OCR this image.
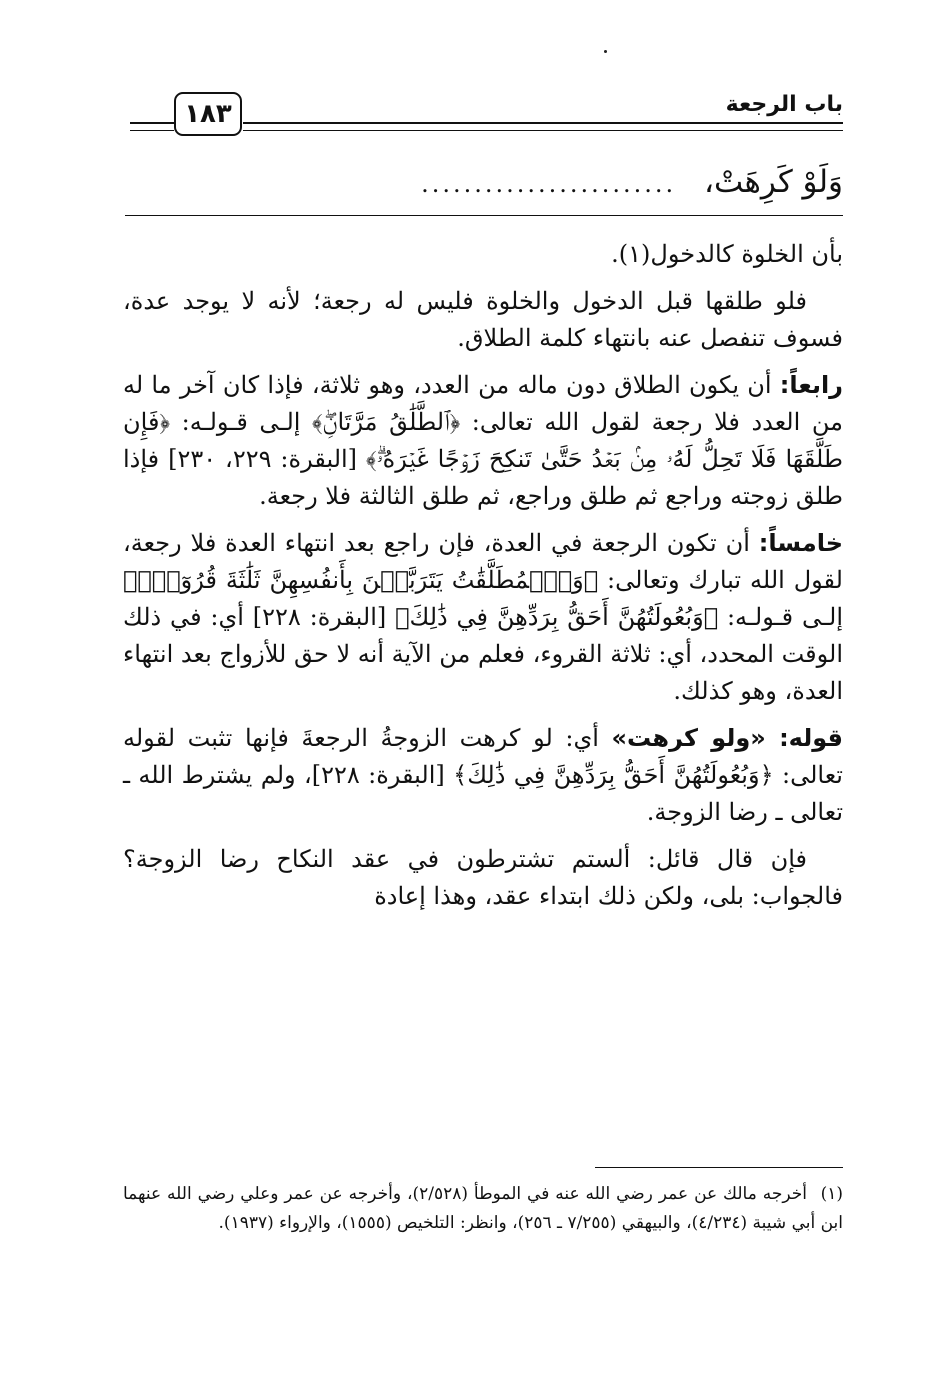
باب الرجعة
١٨٣
وَلَوْ كَرِهَتْ، ........................

بأن الخلوة كالدخول(١).

فلو طلقها قبل الدخول والخلوة فليس له رجعة؛ لأنه لا يوجد عدة، فسوف تنفصل عنه بانتهاء كلمة الطلاق.

رابعاً: أن يكون الطلاق دون ماله من العدد، وهو ثلاثة، فإذا كان آخر ما له من العدد فلا رجعة لقول الله تعالى: ﴿ٱلطَّلَٰقُ مَرَّتَانِۖ﴾ إلـى قـولـه: ﴿فَإِن طَلَّقَهَا فَلَا تَحِلُّ لَهُۥ مِنۢ بَعۡدُ حَتَّىٰ تَنكِحَ زَوۡجًا غَيۡرَهُۥۗ﴾ [البقرة: ٢٢٩، ٢٣٠] فإذا طلق زوجته وراجع ثم طلق وراجع، ثم طلق الثالثة فلا رجعة.

خامساً: أن تكون الرجعة في العدة، فإن راجع بعد انتهاء العدة فلا رجعة، لقول الله تبارك وتعالى: ﴿وَٱلۡمُطَلَّقَٰتُ يَتَرَبَّصۡنَ بِأَنفُسِهِنَّ ثَلَٰثَةَ قُرُوٓءٖۚ﴾ إلـى قـولـه: ﴿وَبُعُولَتُهُنَّ أَحَقُّ بِرَدِّهِنَّ فِي ذَٰلِكَ﴾ [البقرة: ٢٢٨] أي: في ذلك الوقت المحدد، أي: ثلاثة القروء، فعلم من الآية أنه لا حق للأزواج بعد انتهاء العدة، وهو كذلك.

قوله: «ولو كرهت» أي: لو كرهت الزوجةُ الرجعةَ فإنها تثبت لقوله تعالى: ﴿وَبُعُولَتُهُنَّ أَحَقُّ بِرَدِّهِنَّ فِي ذَٰلِكَ﴾ [البقرة: ٢٢٨]، ولم يشترط الله ـ تعالى ـ رضا الزوجة.

فإن قال قائل: ألستم تشترطون في عقد النكاح رضا الزوجة؟ فالجواب: بلى، ولكن ذلك ابتداء عقد، وهذا إعادة

(١)أخرجه مالك عن عمر رضي الله عنه في الموطأ (٢/٥٢٨)، وأخرجه عن عمر وعلي رضي الله عنهما ابن أبي شيبة (٤/٢٣٤)، والبيهقي (٧/٢٥٥ ـ ٢٥٦)، وانظر: التلخيص (١٥٥٥)، والإرواء (١٩٣٧).
